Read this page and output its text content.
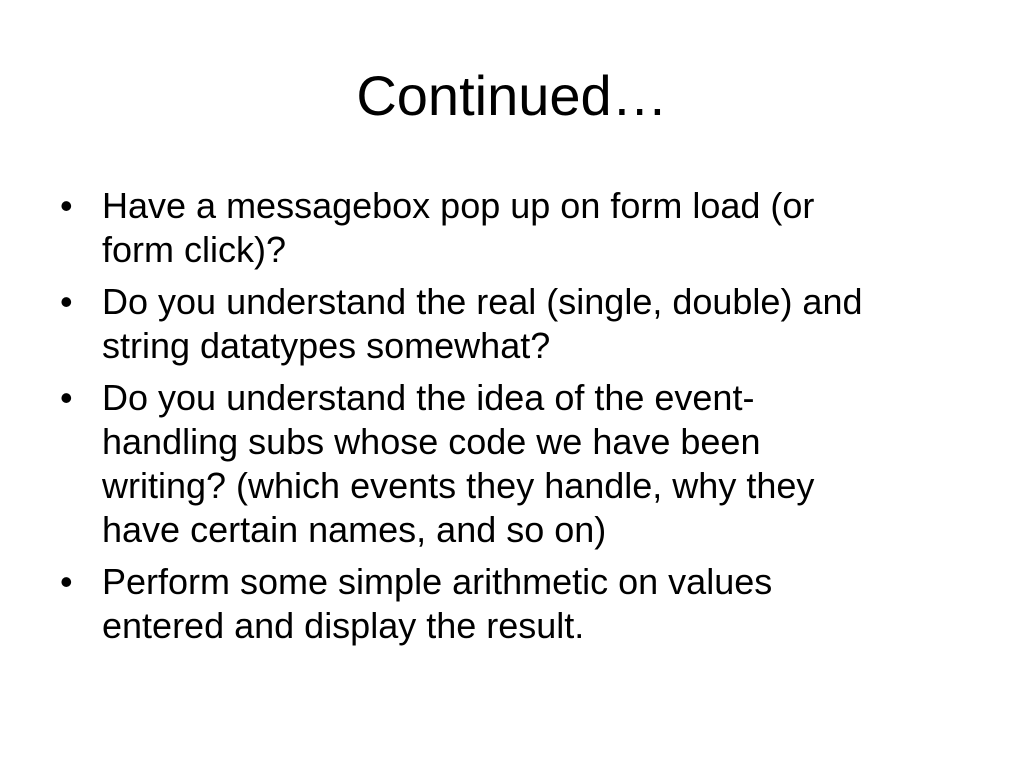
Continued…
• Have a messagebox pop up on form load (or
form click)?
• Do you understand the real (single, double) and
string datatypes somewhat?
• Do you understand the idea of the event-
handling subs whose code we have been
writing? (which events they handle, why they
have certain names, and so on)
• Perform some simple arithmetic on values
entered and display the result.
